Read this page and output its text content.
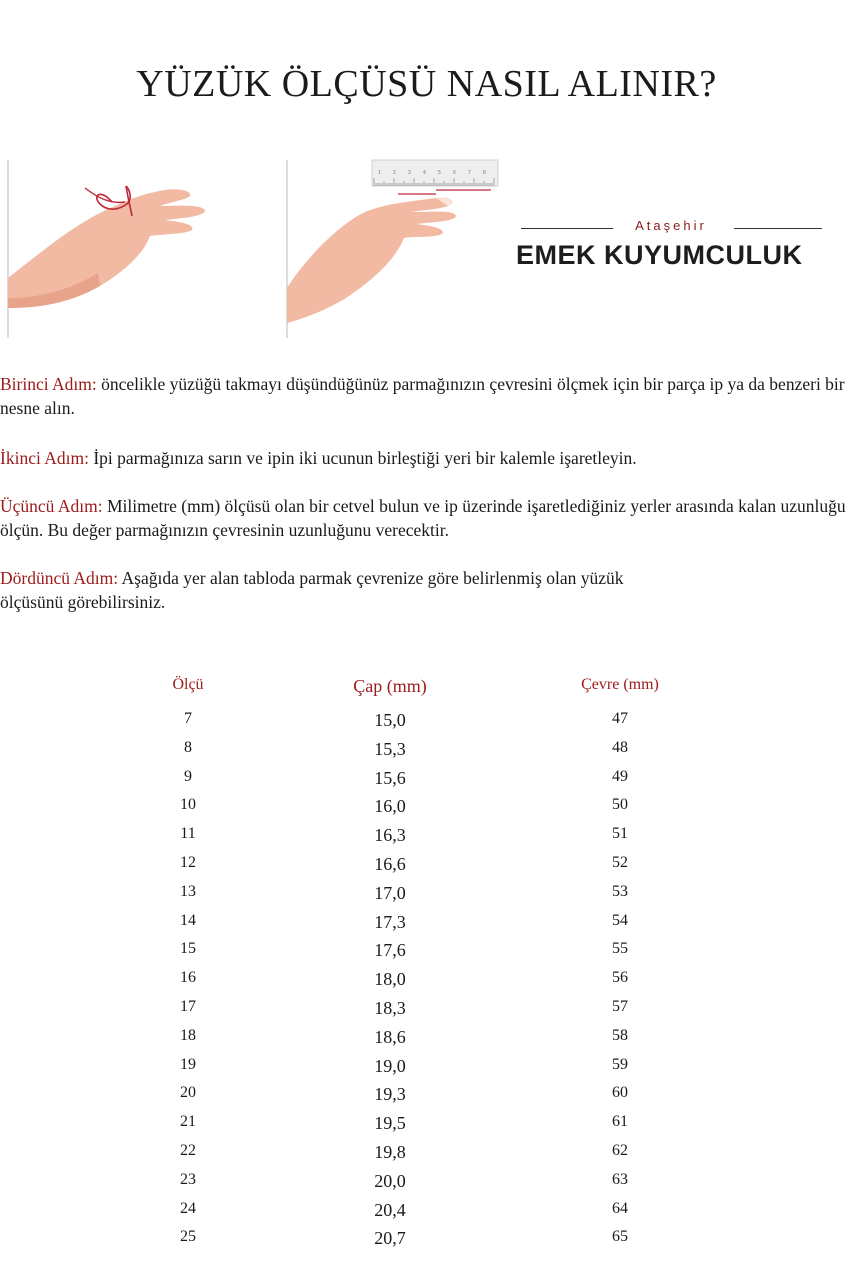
YÜZÜK ÖLÇÜSÜ NASIL ALINIR?
1 2 3 4 5 6 7 8
Ataşehir
EMEK KUYUMCULUK
Birinci Adım: öncelikle yüzüğü takmayı düşündüğünüz parmağınızın çevresini ölçmek için bir parça ip ya da benzeri bir nesne alın.
İkinci Adım: İpi parmağınıza sarın ve ipin iki ucunun birleştiği yeri bir kalemle işaretleyin.
Üçüncü Adım: Milimetre (mm) ölçüsü olan bir cetvel bulun ve ip üzerinde işaretlediğiniz yerler arasında kalan uzunluğu ölçün. Bu değer parmağınızın çevresinin uzunluğunu verecektir.
Dördüncü Adım: Aşağıda yer alan tabloda parmak çevrenize göre belirlenmiş olan yüzük ölçüsünü görebilirsiniz.
Ölçü	Çap (mm)	Çevre (mm)
7	15,0	47
8	15,3	48
9	15,6	49
10	16,0	50
11	16,3	51
12	16,6	52
13	17,0	53
14	17,3	54
15	17,6	55
16	18,0	56
17	18,3	57
18	18,6	58
19	19,0	59
20	19,3	60
21	19,5	61
22	19,8	62
23	20,0	63
24	20,4	64
25	20,7	65
